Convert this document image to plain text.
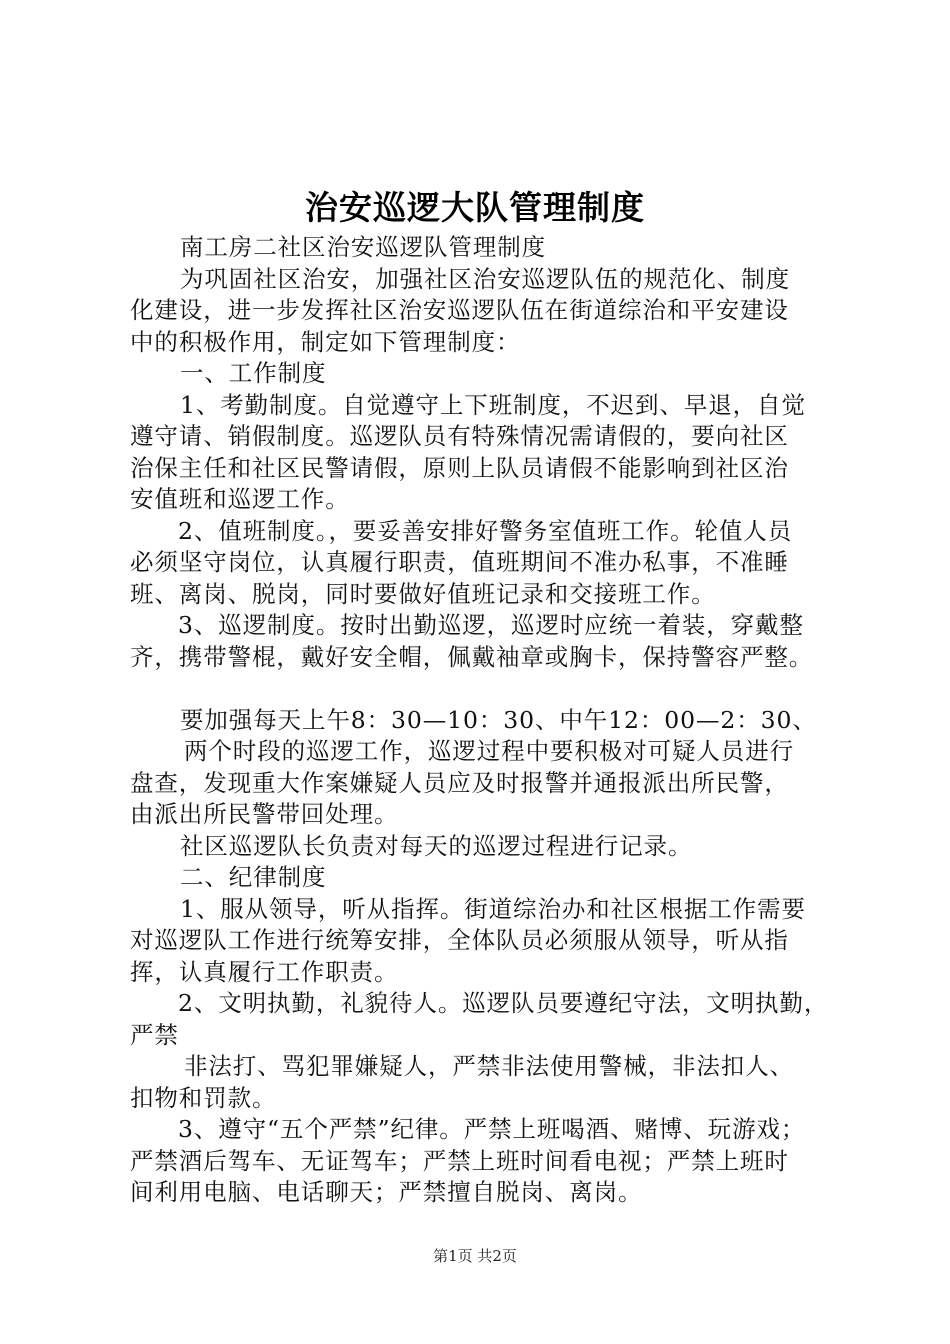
治安巡逻大队管理制度
南工房二社区治安巡逻队管理制度
为巩固社区治安，加强社区治安巡逻队伍的规范化、制度
化建设，进一步发挥社区治安巡逻队伍在街道综治和平安建设
中的积极作用，制定如下管理制度：
一、工作制度
1、考勤制度。自觉遵守上下班制度，不迟到、早退，自觉
遵守请、销假制度。巡逻队员有特殊情况需请假的，要向社区
治保主任和社区民警请假，原则上队员请假不能影响到社区治
安值班和巡逻工作。
2、值班制度。，要妥善安排好警务室值班工作。轮值人员
必须坚守岗位，认真履行职责，值班期间不准办私事，不准睡
班、离岗、脱岗，同时要做好值班记录和交接班工作。
3、巡逻制度。按时出勤巡逻，巡逻时应统一着装，穿戴整
齐，携带警棍，戴好安全帽，佩戴袖章或胸卡，保持警容严整。
要加强每天上午8：30—10：30、中午12：00—2：30、
两个时段的巡逻工作，巡逻过程中要积极对可疑人员进行
盘查，发现重大作案嫌疑人员应及时报警并通报派出所民警，
由派出所民警带回处理。
社区巡逻队长负责对每天的巡逻过程进行记录。
二、纪律制度
1、服从领导，听从指挥。街道综治办和社区根据工作需要
对巡逻队工作进行统筹安排，全体队员必须服从领导，听从指
挥，认真履行工作职责。
2、文明执勤，礼貌待人。巡逻队员要遵纪守法，文明执勤，
严禁
非法打、骂犯罪嫌疑人，严禁非法使用警械，非法扣人、
扣物和罚款。
3、遵守“五个严禁”纪律。严禁上班喝酒、赌博、玩游戏；
严禁酒后驾车、无证驾车；严禁上班时间看电视；严禁上班时
间利用电脑、电话聊天；严禁擅自脱岗、离岗。
第1页 共2页
